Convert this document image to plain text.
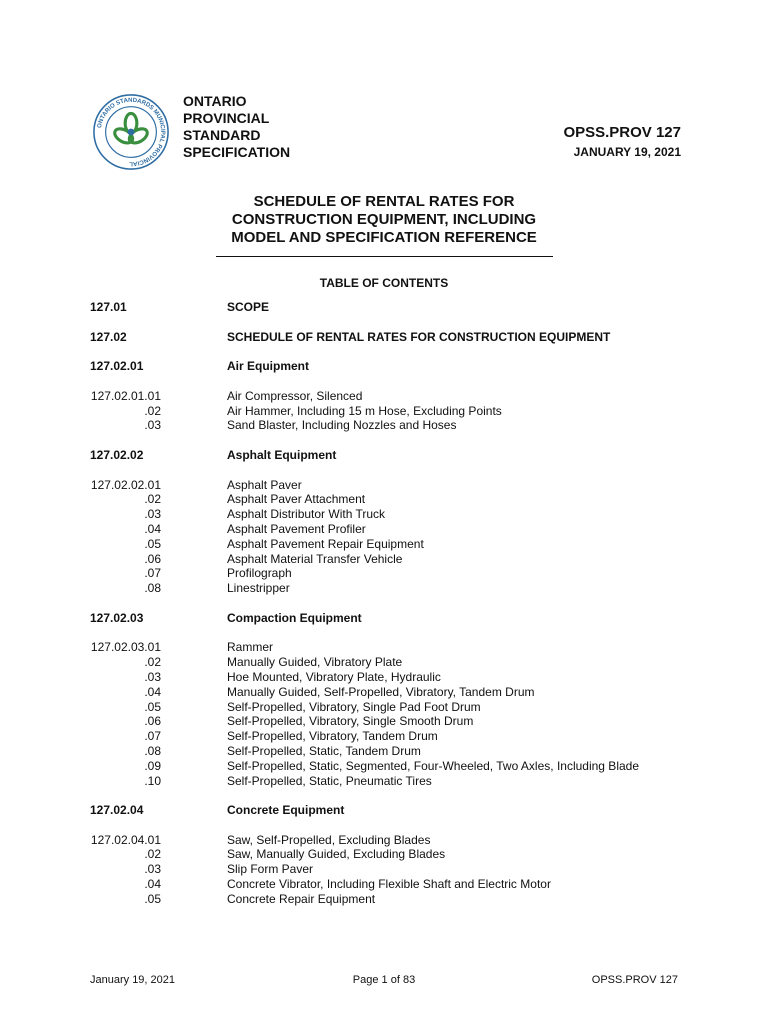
ONTARIO STANDARDS MUNICIPAL PROVINCIAL
ONTARIO
PROVINCIAL
STANDARD
SPECIFICATION
OPSS.PROV 127
JANUARY 19, 2021
SCHEDULE OF RENTAL RATES FOR
CONSTRUCTION EQUIPMENT, INCLUDING
MODEL AND SPECIFICATION REFERENCE
TABLE OF CONTENTS
127.01	SCOPE
127.02	SCHEDULE OF RENTAL RATES FOR CONSTRUCTION EQUIPMENT
127.02.01	Air Equipment
127.02.01.01	Air Compressor, Silenced
.02	Air Hammer, Including 15 m Hose, Excluding Points
.03	Sand Blaster, Including Nozzles and Hoses
127.02.02	Asphalt Equipment
127.02.02.01	Asphalt Paver
.02	Asphalt Paver Attachment
.03	Asphalt Distributor With Truck
.04	Asphalt Pavement Profiler
.05	Asphalt Pavement Repair Equipment
.06	Asphalt Material Transfer Vehicle
.07	Profilograph
.08	Linestripper
127.02.03	Compaction Equipment
127.02.03.01	Rammer
.02	Manually Guided, Vibratory Plate
.03	Hoe Mounted, Vibratory Plate, Hydraulic
.04	Manually Guided, Self-Propelled, Vibratory, Tandem Drum
.05	Self-Propelled, Vibratory, Single Pad Foot Drum
.06	Self-Propelled, Vibratory, Single Smooth Drum
.07	Self-Propelled, Vibratory, Tandem Drum
.08	Self-Propelled, Static, Tandem Drum
.09	Self-Propelled, Static, Segmented, Four-Wheeled, Two Axles, Including Blade
.10	Self-Propelled, Static, Pneumatic Tires
127.02.04	Concrete Equipment
127.02.04.01	Saw, Self-Propelled, Excluding Blades
.02	Saw, Manually Guided, Excluding Blades
.03	Slip Form Paver
.04	Concrete Vibrator, Including Flexible Shaft and Electric Motor
.05	Concrete Repair Equipment
January 19, 2021	Page 1 of 83	OPSS.PROV 127
